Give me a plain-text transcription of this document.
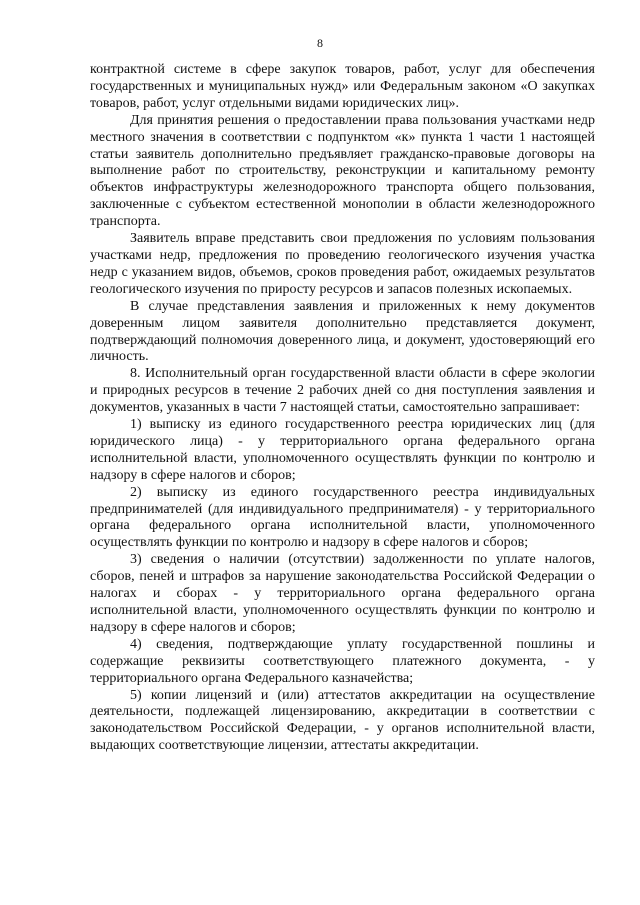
8

контрактной системе в сфере закупок товаров, работ, услуг для обеспечения государственных и муниципальных нужд» или Федеральным законом «О закупках товаров, работ, услуг отдельными видами юридических лиц».

Для принятия решения о предоставлении права пользования участками недр местного значения в соответствии с подпунктом «к» пункта 1 части 1 настоящей статьи заявитель дополнительно предъявляет гражданско-правовые договоры на выполнение работ по строительству, реконструкции и капитальному ремонту объектов инфраструктуры железнодорожного транспорта общего пользования, заключенные с субъектом естественной монополии в области железнодорожного транспорта.

Заявитель вправе представить свои предложения по условиям пользования участками недр, предложения по проведению геологического изучения участка недр с указанием видов, объемов, сроков проведения работ, ожидаемых результатов геологического изучения по приросту ресурсов и запасов полезных ископаемых.

В случае представления заявления и приложенных к нему документов доверенным лицом заявителя дополнительно представляется документ, подтверждающий полномочия доверенного лица, и документ, удостоверяющий его личность.

8. Исполнительный орган государственной власти области в сфере экологии и природных ресурсов в течение 2 рабочих дней со дня поступления заявления и документов, указанных в части 7 настоящей статьи, самостоятельно запрашивает:

1) выписку из единого государственного реестра юридических лиц (для юридического лица) - у территориального органа федерального органа исполнительной власти, уполномоченного осуществлять функции по контролю и надзору в сфере налогов и сборов;

2) выписку из единого государственного реестра индивидуальных предпринимателей (для индивидуального предпринимателя) - у территориального органа федерального органа исполнительной власти, уполномоченного осуществлять функции по контролю и надзору в сфере налогов и сборов;

3) сведения о наличии (отсутствии) задолженности по уплате налогов, сборов, пеней и штрафов за нарушение законодательства Российской Федерации о налогах и сборах - у территориального органа федерального органа исполнительной власти, уполномоченного осуществлять функции по контролю и надзору в сфере налогов и сборов;

4) сведения, подтверждающие уплату государственной пошлины и содержащие реквизиты соответствующего платежного документа, - у территориального органа Федерального казначейства;

5) копии лицензий и (или) аттестатов аккредитации на осуществление деятельности, подлежащей лицензированию, аккредитации в соответствии с законодательством Российской Федерации, - у органов исполнительной власти, выдающих соответствующие лицензии, аттестаты аккредитации.
